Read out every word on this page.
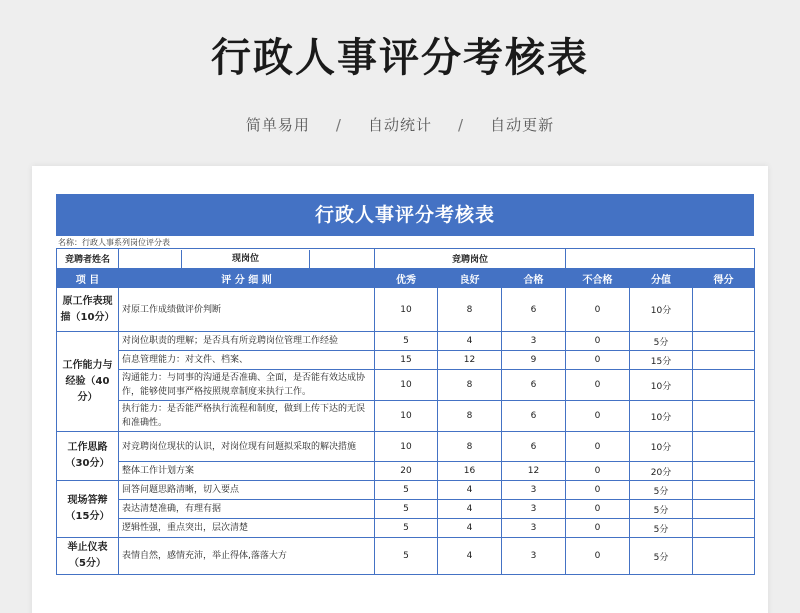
行政人事评分考核表
简单易用 / 自动统计 / 自动更新
行政人事评分考核表
名称：行政人事系列岗位评分表
竞聘者姓名	现岗位	竞聘岗位					
项 目	评 分 细 则	优秀	良好	合格	不合格	分值	得分
原工作表现描（10分）	对原工作成绩做评价判断	10	8	6	0	10分	
工作能力与经验（40分）	对岗位职责的理解；是否具有所竞聘岗位管理工作经验	5	4	3	0	5分	
	信息管理能力：对文件、档案、	15	12	9	0	15分	
	沟通能力：与同事的沟通是否准确、全面，是否能有效达成协作，能够使同事严格按照规章制度来执行工作。	10	8	6	0	10分	
	执行能力：是否能严格执行流程和制度，做到上传下达的无误和准确性。	10	8	6	0	10分	
工作思路（30分）	对竞聘岗位现状的认识，对岗位现有问题拟采取的解决措施	10	8	6	0	10分	
	整体工作计划方案	20	16	12	0	20分	
现场答辩（15分）	回答问题思路清晰，切入要点	5	4	3	0	5分	
	表达清楚准确，有理有据	5	4	3	0	5分	
	逻辑性强，重点突出，层次清楚	5	4	3	0	5分	
举止仪表（5分）	表情自然，感情充沛，举止得体,落落大方	5	4	3	0	5分	
